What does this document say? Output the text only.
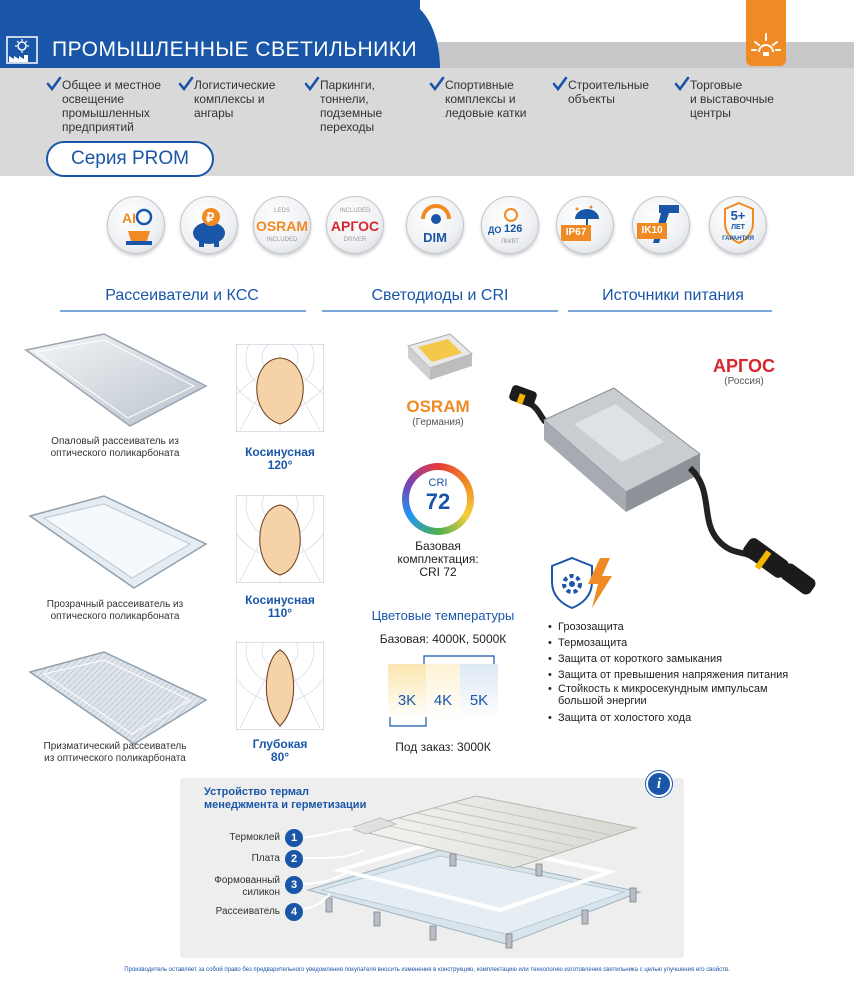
ПРОМЫШЛЕННЫЕ СВЕТИЛЬНИКИ
Общее и местное
освещение
промышленных
предприятий
Логистические
комплексы и
ангары
Паркинги,
тоннели,
подземные
переходы
Спортивные
комплексы и
ледовые катки
Строительные
объекты
Торговые
и выставочные
центры
Серия PROM
AI	₽	LEDS
OSRAM
INCLUDED
INCLUDED
АРГОС
DRIVER	DIM	ДО 126
ЛМ/ВТ
IP67	IK10
5+
ЛЕТ
ГАРАНТИЯ
Рассеиватели и КСС	Светодиоды и CRI	Источники питания
Опаловый рассеиватель из
оптического поликарбоната
Прозрачный рассеиватель из
оптического поликарбоната
Призматический рассеиватель
из оптического поликарбоната
Косинусная
120°
Косинусная
110°
Глубокая
80°
OSRAM
(Германия)
CRI
72
Базовая
комплектация:
CRI 72
Цветовые температуры
Базовая: 4000К, 5000К
3K	4K	5K
Под заказ: 3000К
АРГОС
(Россия)
• Грозозащита
• Термозащита
• Защита от короткого замыкания
• Защита от превышения напряжения питания
• Стойкость к микросекундным импульсам
большой энергии
• Защита от холостого хода
Устройство термал
менеджмента и герметизации
i
Термоклей 1
Плата 2
Формованный
силикон
3
Рассеиватель 4
Производитель оставляет за собой право без предварительного уведомления покупателя вносить изменения в конструкцию, комплектацию или технологию изготовления светильника с целью улучшения его свойств.
